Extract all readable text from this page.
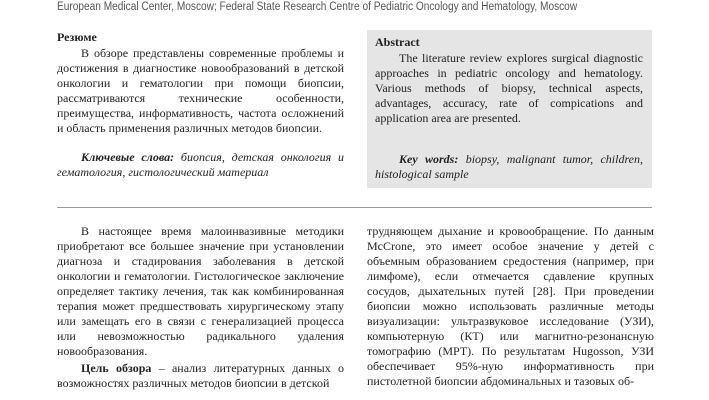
European Medical Center, Moscow; Federal State Research Centre of Pediatric Oncology and Hematology, Moscow

Резюме

В обзоре представлены современные проблемы и достижения в диагностике новообразований в детской онкологии и гематологии при помощи биопсии, рассматриваются технические особенности, преимущества, информативность, частота осложнений и область применения различных методов биопсии.

Ключевые слова: биопсия, детская онкология и гематология, гистологический материал

Abstract

The literature review explores surgical diagnostic approaches in pediatric oncology and hematology. Various methods of biopsy, technical aspects, advantages, accuracy, rate of compications and application area are presented.

Key words: biopsy, malignant tumor, children, histological sample

В настоящее время малоинвазивные методики приобретают все большее значение при установлении диагноза и стадирования заболевания в детской онкологии и гематологии. Гистологическое заключение определяет тактику лечения, так как комбинированная терапия может предшествовать хирургическому этапу или замещать его в связи с генерализацией процесса или невозможностью радикального удаления новообразования.

Цель обзора – анализ литературных данных о возможностях различных методов биопсии в детской

трудняющем дыхание и кровообращение. По данным McCrone, это имеет особое значение у детей с объемным образованием средостения (например, при лимфоме), если отмечается сдавление крупных сосудов, дыхательных путей [28]. При проведении биопсии можно использовать различные методы визуализации: ультразвуковое исследование (УЗИ), компьютерную (КТ) или магнитно-резонансную томографию (МРТ). По результатам Hugosson, УЗИ обеспечивает 95%-ную информативность при пистолетной биопсии абдоминальных и тазовых об-
